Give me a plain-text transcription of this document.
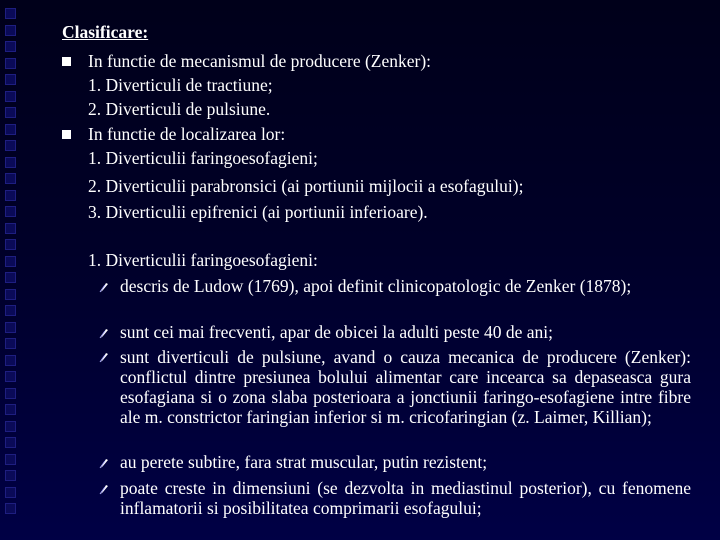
Clasificare:
In functie de mecanismul de producere (Zenker):
1. Diverticuli de tractiune;
2. Diverticuli de pulsiune.
In functie de localizarea lor:
1. Diverticulii faringoesofagieni;
2. Diverticulii parabronsici (ai portiunii mijlocii a esofagului);
3. Diverticulii epifrenici (ai portiunii inferioare).
1. Diverticulii faringoesofagieni:
descris de Ludow (1769), apoi definit clinicopatologic de Zenker (1878);
sunt cei mai frecventi, apar de obicei la adulti peste 40 de ani;
sunt diverticuli de pulsiune, avand o cauza mecanica de producere (Zenker): conflictul dintre presiunea bolului alimentar care incearca sa depaseasca gura esofagiana si o zona slaba posterioara a jonctiunii faringo-esofagiene intre fibre ale m. constrictor faringian inferior si m. cricofaringian (z. Laimer, Killian);
au perete subtire, fara strat muscular, putin rezistent;
poate creste in dimensiuni (se dezvolta in mediastinul posterior), cu fenomene inflamatorii si posibilitatea comprimarii esofagului;
